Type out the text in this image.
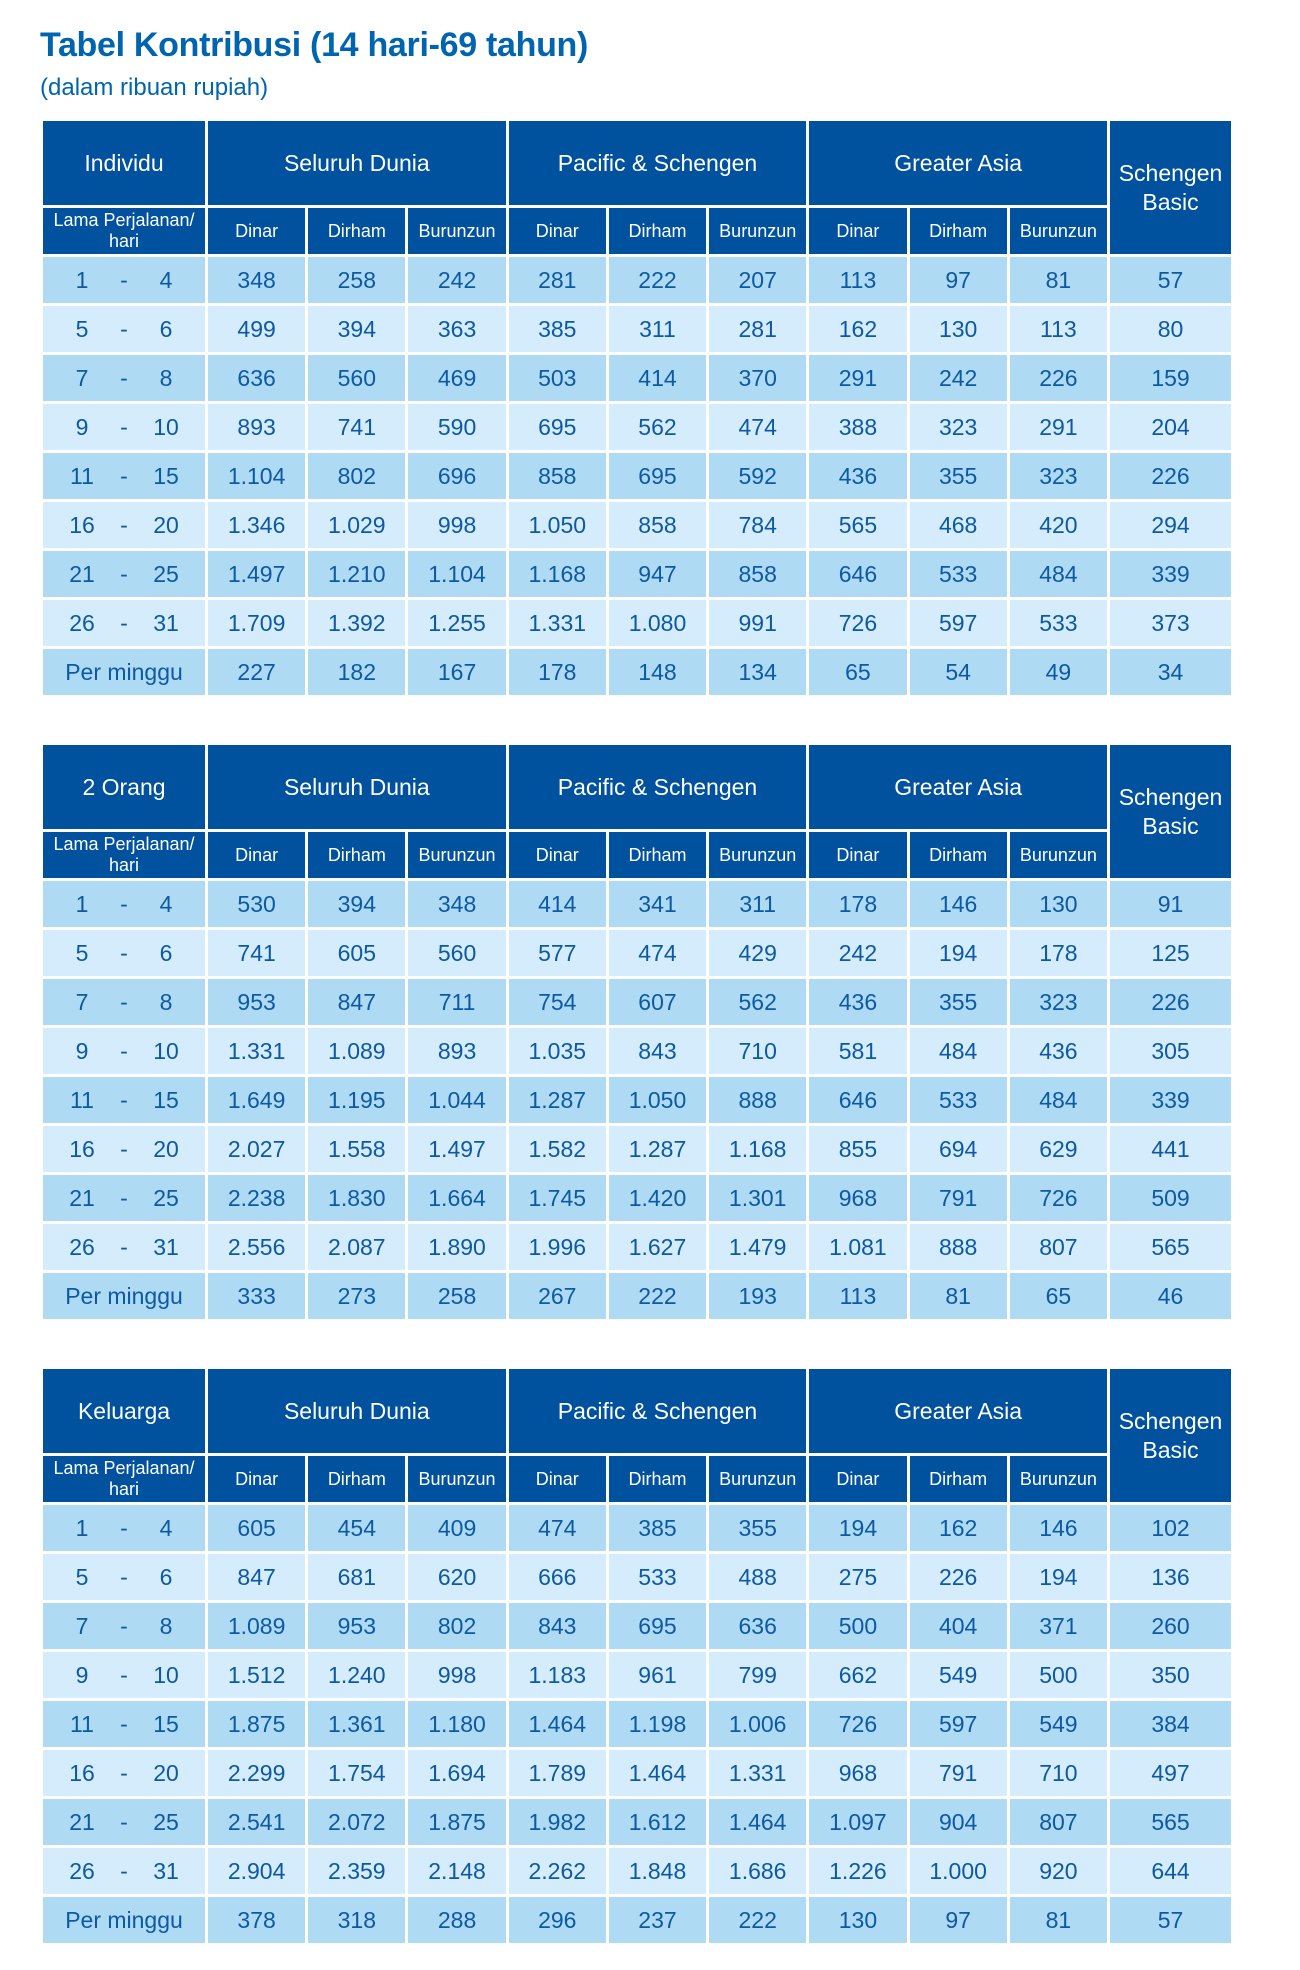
Tabel Kontribusi (14 hari-69 tahun)
(dalam ribuan rupiah)
Individu	Seluruh Dunia			Pacific & Schengen			Greater Asia			Schengen Basic
Lama Perjalanan/
hari	Dinar	Dirham	Burunzun	Dinar	Dirham	Burunzun	Dinar	Dirham	Burunzun	

1 - 4	348	258	242	281	222	207	113	97	81	57

5 - 6	499	394	363	385	311	281	162	130	113	80

7 - 8	636	560	469	503	414	370	291	242	226	159

9 - 10	893	741	590	695	562	474	388	323	291	204

11 - 15	1.104	802	696	858	695	592	436	355	323	226

16 - 20	1.346	1.029	998	1.050	858	784	565	468	420	294

21 - 25	1.497	1.210	1.104	1.168	947	858	646	533	484	339

26 - 31	1.709	1.392	1.255	1.331	1.080	991	726	597	533	373
Per minggu	227	182	167	178	148	134	65	54	49	34
2 Orang	Seluruh Dunia			Pacific & Schengen			Greater Asia			Schengen Basic
Lama Perjalanan/
hari	Dinar	Dirham	Burunzun	Dinar	Dirham	Burunzun	Dinar	Dirham	Burunzun	

1 - 4	530	394	348	414	341	311	178	146	130	91

5 - 6	741	605	560	577	474	429	242	194	178	125

7 - 8	953	847	711	754	607	562	436	355	323	226

9 - 10	1.331	1.089	893	1.035	843	710	581	484	436	305

11 - 15	1.649	1.195	1.044	1.287	1.050	888	646	533	484	339

16 - 20	2.027	1.558	1.497	1.582	1.287	1.168	855	694	629	441

21 - 25	2.238	1.830	1.664	1.745	1.420	1.301	968	791	726	509

26 - 31	2.556	2.087	1.890	1.996	1.627	1.479	1.081	888	807	565
Per minggu	333	273	258	267	222	193	113	81	65	46
Keluarga	Seluruh Dunia			Pacific & Schengen			Greater Asia			Schengen Basic
Lama Perjalanan/
hari	Dinar	Dirham	Burunzun	Dinar	Dirham	Burunzun	Dinar	Dirham	Burunzun	

1 - 4	605	454	409	474	385	355	194	162	146	102

5 - 6	847	681	620	666	533	488	275	226	194	136

7 - 8	1.089	953	802	843	695	636	500	404	371	260

9 - 10	1.512	1.240	998	1.183	961	799	662	549	500	350

11 - 15	1.875	1.361	1.180	1.464	1.198	1.006	726	597	549	384

16 - 20	2.299	1.754	1.694	1.789	1.464	1.331	968	791	710	497

21 - 25	2.541	2.072	1.875	1.982	1.612	1.464	1.097	904	807	565

26 - 31	2.904	2.359	2.148	2.262	1.848	1.686	1.226	1.000	920	644
Per minggu	378	318	288	296	237	222	130	97	81	57
